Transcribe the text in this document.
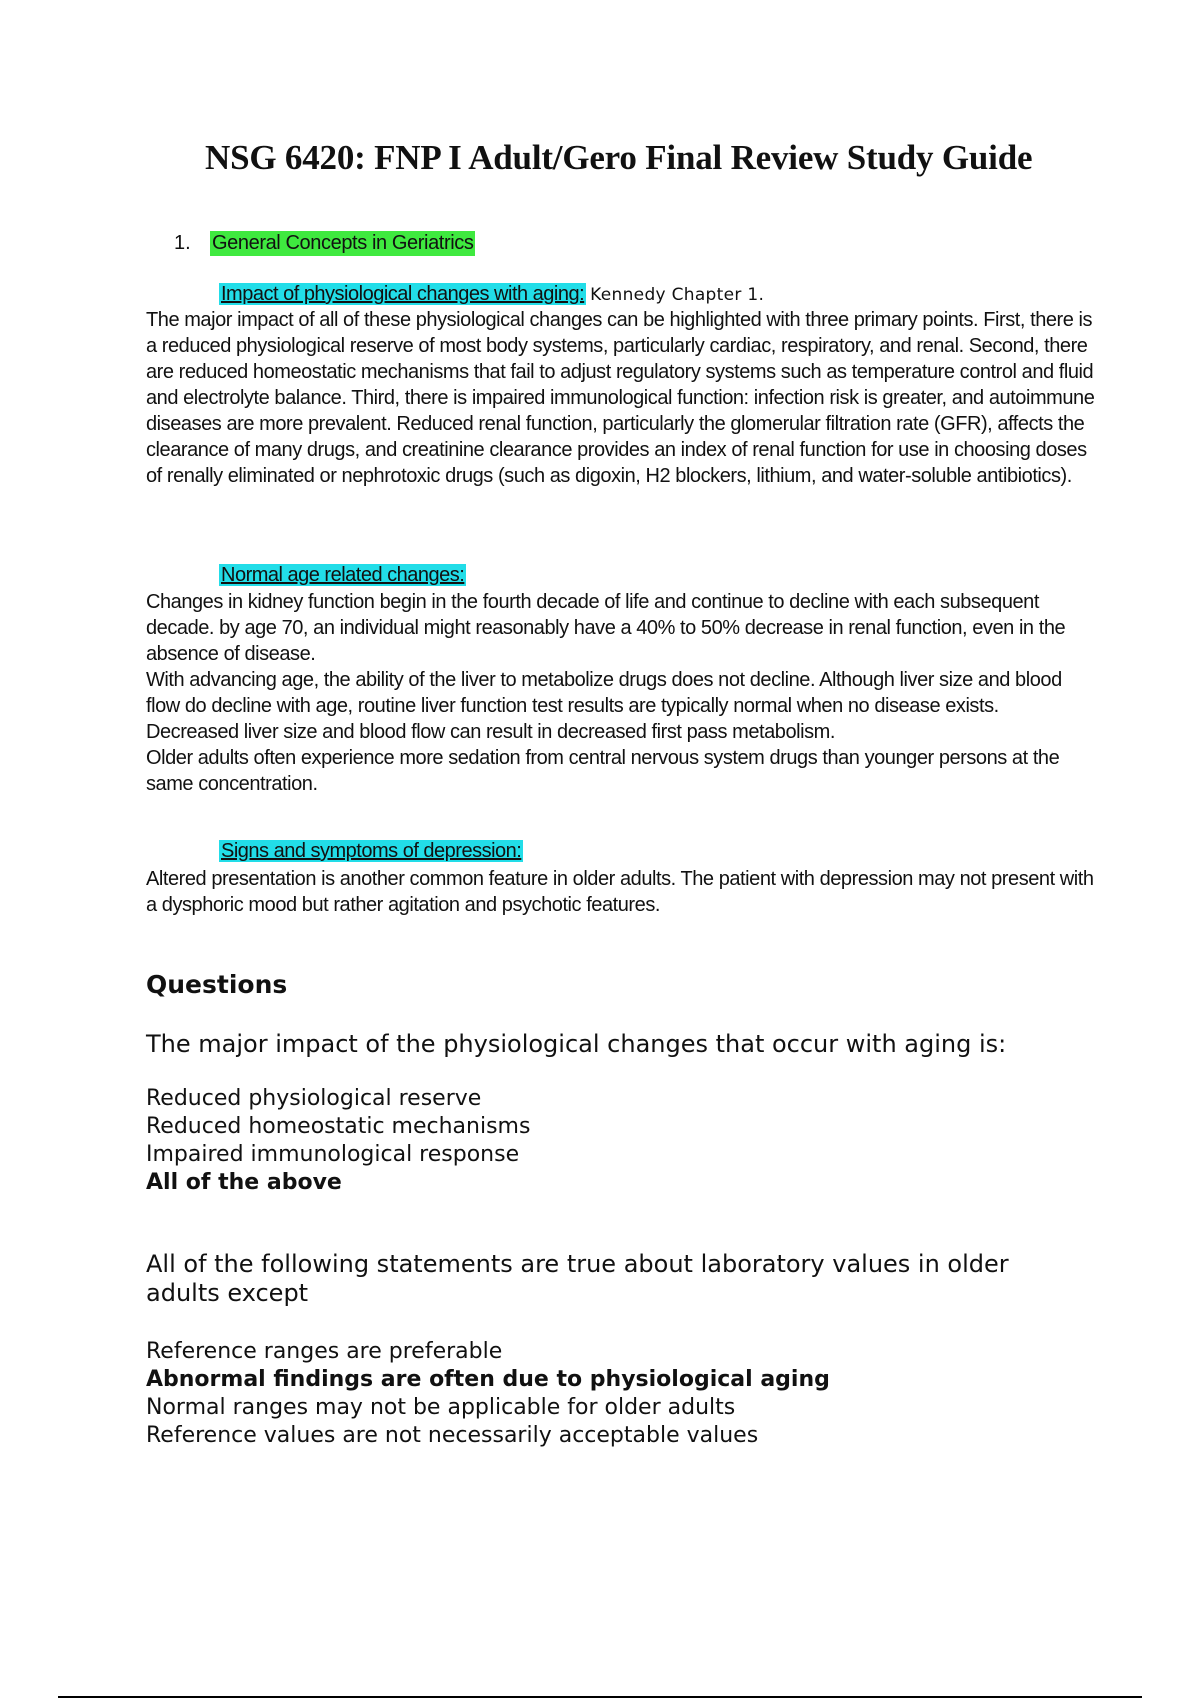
NSG 6420: FNP I Adult/Gero Final Review Study Guide
1. General Concepts in Geriatrics
Impact of physiological changes with aging: Kennedy Chapter 1.

The major impact of all of these physiological changes can be highlighted with three primary points. First, there is a reduced physiological reserve of most body systems, particularly cardiac, respiratory, and renal. Second, there are reduced homeostatic mechanisms that fail to adjust regulatory systems such as temperature control and fluid and electrolyte balance. Third, there is impaired immunological function: infection risk is greater, and autoimmune diseases are more prevalent. Reduced renal function, particularly the glomerular filtration rate (GFR), affects the clearance of many drugs, and creatinine clearance provides an index of renal function for use in choosing doses of renally eliminated or nephrotoxic drugs (such as digoxin, H2 blockers, lithium, and water-soluble antibiotics).

Normal age related changes:

Changes in kidney function begin in the fourth decade of life and continue to decline with each subsequent decade. by age 70, an individual might reasonably have a 40% to 50% decrease in renal function, even in the absence of disease.

With advancing age, the ability of the liver to metabolize drugs does not decline. Although liver size and blood flow do decline with age, routine liver function test results are typically normal when no disease exists. Decreased liver size and blood flow can result in decreased first pass metabolism.

Older adults often experience more sedation from central nervous system drugs than younger persons at the same concentration.

Signs and symptoms of depression:

Altered presentation is another common feature in older adults. The patient with depression may not present with a dysphoric mood but rather agitation and psychotic features.

Questions
The major impact of the physiological changes that occur with aging is:
Reduced physiological reserve
Reduced homeostatic mechanisms
Impaired immunological response
All of the above
All of the following statements are true about laboratory values in older adults except
Reference ranges are preferable
Abnormal findings are often due to physiological aging
Normal ranges may not be applicable for older adults
Reference values are not necessarily acceptable values
